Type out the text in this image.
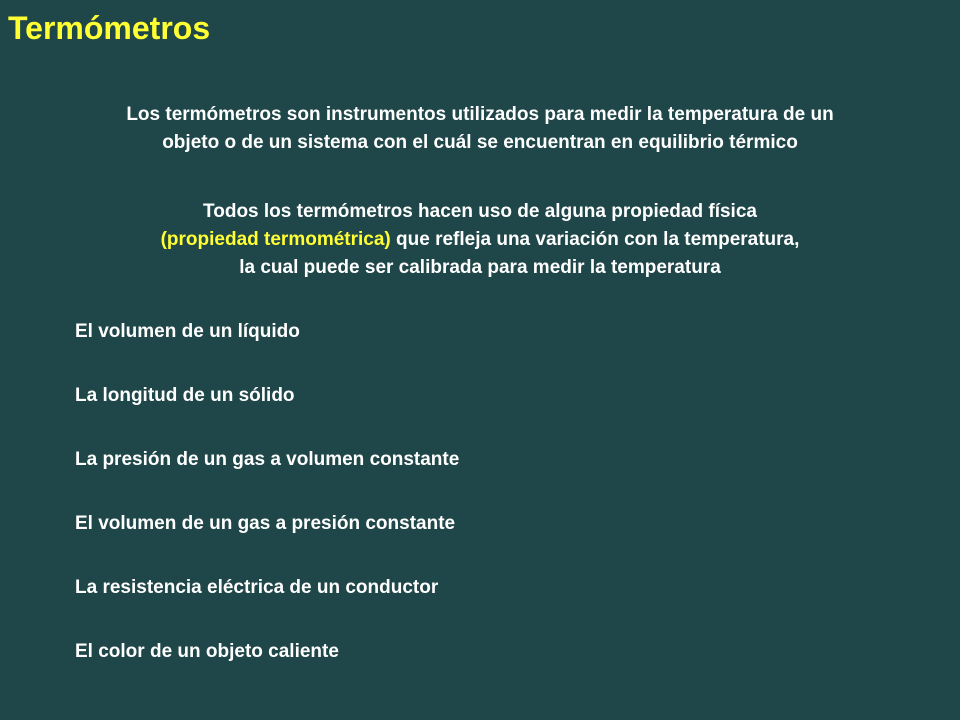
Termómetros

Los termómetros son instrumentos utilizados para medir la temperatura de un
objeto o de un sistema con el cuál se encuentran en equilibrio térmico

Todos los termómetros hacen uso de alguna propiedad física
(propiedad termométrica) que refleja una variación con la temperatura,
la cual puede ser calibrada para medir la temperatura

El volumen de un líquido
La longitud de un sólido
La presión de un gas a volumen constante
El volumen de un gas a presión constante
La resistencia eléctrica de un conductor
El color de un objeto caliente
